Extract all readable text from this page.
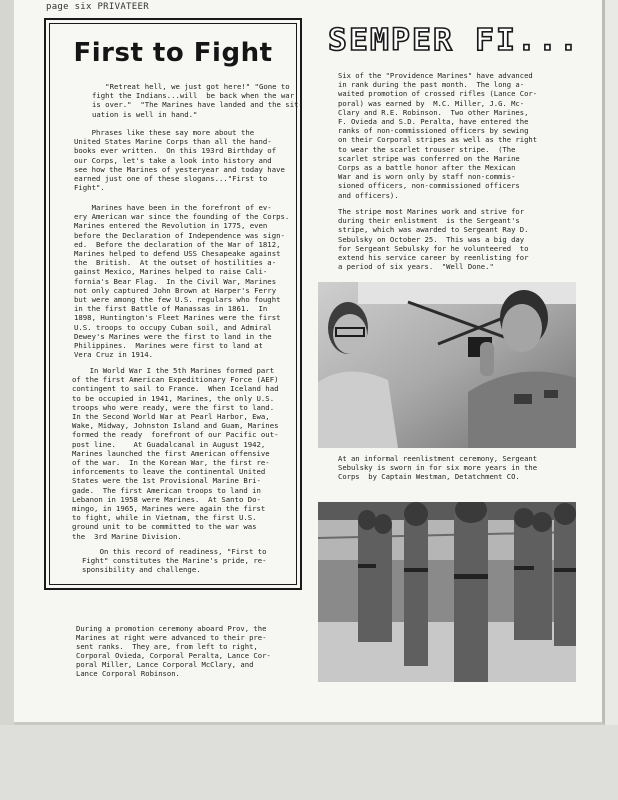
page six PRIVATEER
First to Fight
"Retreat hell, we just got here!" "Gone to
fight the Indians...will  be back when the war
is over."  "The Marines have landed and the sit-
uation is well in hand."
Phrases like these say more about the
United States Marine Corps than all the hand-
books ever written.  On this 193rd Birthday of
our Corps, let's take a look into history and
see how the Marines of yesteryear and today have
earned just one of these slogans..."First to
Fight".
Marines have been in the forefront of ev-
ery American war since the founding of the Corps.
Marines entered the Revolution in 1775, even
before the Declaration of Independence was sign-
ed.  Before the declaration of the War of 1812,
Marines helped to defend USS Chesapeake against
the  British.  At the outset of hostilities a-
gainst Mexico, Marines helped to raise Cali-
fornia's Bear Flag.  In the Civil War, Marines
not only captured John Brown at Harper's Ferry
but were among the few U.S. regulars who fought
in the first Battle of Manassas in 1861.  In
1898, Huntington's Fleet Marines were the first
U.S. troops to occupy Cuban soil, and Admiral
Dewey's Marines were the first to land in the
Philippines.  Marines were first to land at
Vera Cruz in 1914.
In World War I the 5th Marines formed part
of the first American Expeditionary Force (AEF)
contingent to sail to France.  When Iceland had
to be occupied in 1941, Marines, the only U.S.
troops who were ready, were the first to land.
In the Second World War at Pearl Harbor, Ewa,
Wake, Midway, Johnston Island and Guam, Marines
formed the ready  forefront of our Pacific out-
post line.    At Guadalcanal in August 1942,
Marines launched the first American offensive
of the war.  In the Korean War, the first re-
inforcements to leave the continental United
States were the 1st Provisional Marine Bri-
gade.  The first American troops to land in
Lebanon in 1958 were Marines.  At Santo Do-
mingo, in 1965, Marines were again the first
to fight, while in Vietnam, the first U.S.
ground unit to be committed to the war was
the  3rd Marine Division.
On this record of readiness, "First to
Fight" constitutes the Marine's pride, re-
sponsibility and challenge.
SEMPER FI...
Six of the "Providence Marines" have advanced
in rank during the past month.  The long a-
waited promotion of crossed rifles (Lance Cor-
poral) was earned by  M.C. Miller, J.G. Mc-
Clary and R.E. Robinson.  Two other Marines,
F. Oviedа and S.D. Peralta, have entered the
ranks of non-commissioned officers by sewing
on their Corporal stripes as well as the right
to wear the scarlet trouser stripe.  (The
scarlet stripe was conferred on the Marine
Corps as a battle honor after the Mexican
War and is worn only by staff non-commis-
sioned officers, non-commissioned officers
and officers).
The stripe most Marines work and strive for
during their enlistment  is the Sergeant's
stripe, which was awarded to Sergeant Ray D.
Sebulsky on October 25.  This was a big day
for Sergeant Sebulsky for he volunteered  to
extend his service career by reenlisting for
a period of six years.  "Well Done."
At an informal reenlistment ceremony, Sergeant
Sebulsky is sworn in for six more years in the
Corps  by Captain Westman, Detatchment CO.
During a promotion ceremony aboard Prov, the
Marines at right were advanced to their pre-
sent ranks.  They are, from left to right,
Corporal Ovieda, Corporal Peralta, Lance Cor-
poral Miller, Lance Corporal McClary, and
Lance Corporal Robinson.
